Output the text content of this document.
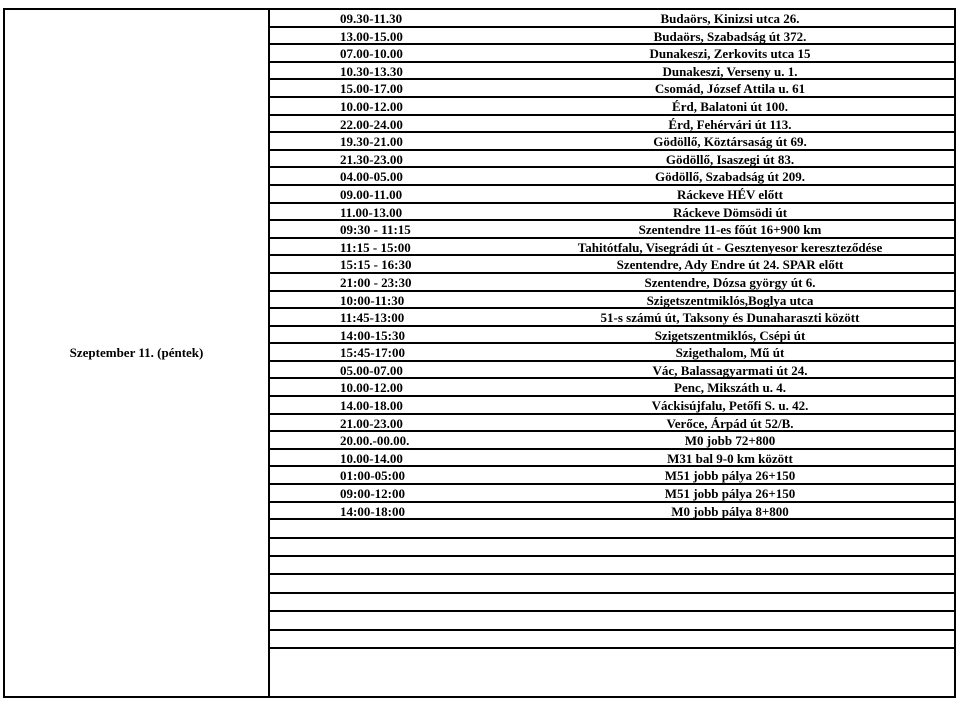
Szeptember 11. (péntek)
09.30-11.30	Budaörs, Kinizsi utca 26.
13.00-15.00	Budaörs, Szabadság út 372.
07.00-10.00	Dunakeszi, Zerkovits utca 15
10.30-13.30	Dunakeszi, Verseny u. 1.
15.00-17.00	Csomád, József Attila u. 61
10.00-12.00	Érd, Balatoni út 100.
22.00-24.00	Érd, Fehérvári út 113.
19.30-21.00	Gödöllő, Köztársaság út 69.
21.30-23.00	Gödöllő, Isaszegi út 83.
04.00-05.00	Gödöllő, Szabadság út 209.
09.00-11.00	Ráckeve HÉV előtt
11.00-13.00	Ráckeve Dömsödi út
09:30 - 11:15	Szentendre 11-es főút 16+900 km
11:15 - 15:00	Tahitótfalu, Visegrádi út - Gesztenyesor kereszteződése
15:15 - 16:30	Szentendre, Ady Endre út 24. SPAR előtt
21:00 - 23:30	Szentendre, Dózsa györgy út 6.
10:00-11:30	Szigetszentmiklós,Boglya utca
11:45-13:00	51-s számú út, Taksony és Dunaharaszti között
14:00-15:30	Szigetszentmiklós, Csépi út
15:45-17:00	Szigethalom, Mű út
05.00-07.00	Vác, Balassagyarmati út 24.
10.00-12.00	Penc, Mikszáth u. 4.
14.00-18.00	Váckisújfalu, Petőfi S. u. 42.
21.00-23.00	Verőce, Árpád út 52/B.
20.00.-00.00.	M0 jobb 72+800
10.00-14.00	M31 bal 9-0 km között
01:00-05:00	M51 jobb pálya 26+150
09:00-12:00	M51 jobb pálya 26+150
14:00-18:00	M0 jobb pálya 8+800
